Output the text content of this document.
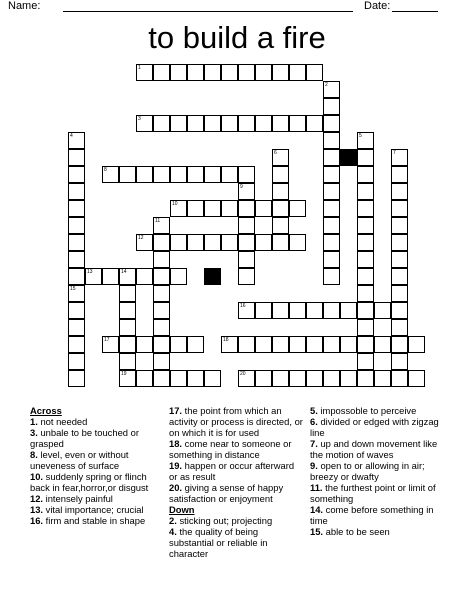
Name:	Date:
to build a fire
1
2
3
4
15
5
6	7
8
9
10
11
12
13	14
19
16
17	18
20
Across
1. not needed
3. unbale to be touched or grasped
8. level, even or without uneveness of surface
10. suddenly spring or flinch back in fear,horror,or disgust
12. intensely painful
13. vital importance; crucial
16. firm and stable in shape
17. the point from which an activity or process is directed, or on which it is for used
18. come near to someone or something in distance
19. happen or occur afterward or as result
20. giving a sense of happy satisfaction or enjoyment
Down
2. sticking out; projecting
4. the quality of being substantial or reliable in character
5. impossoble to perceive
6. divided or edged with zigzag line
7. up and down movement like the motion of waves
9. open to or allowing in air; breezy or dwafty
11. the furthest point or limit of something
14. come before something in time
15. able to be seen
